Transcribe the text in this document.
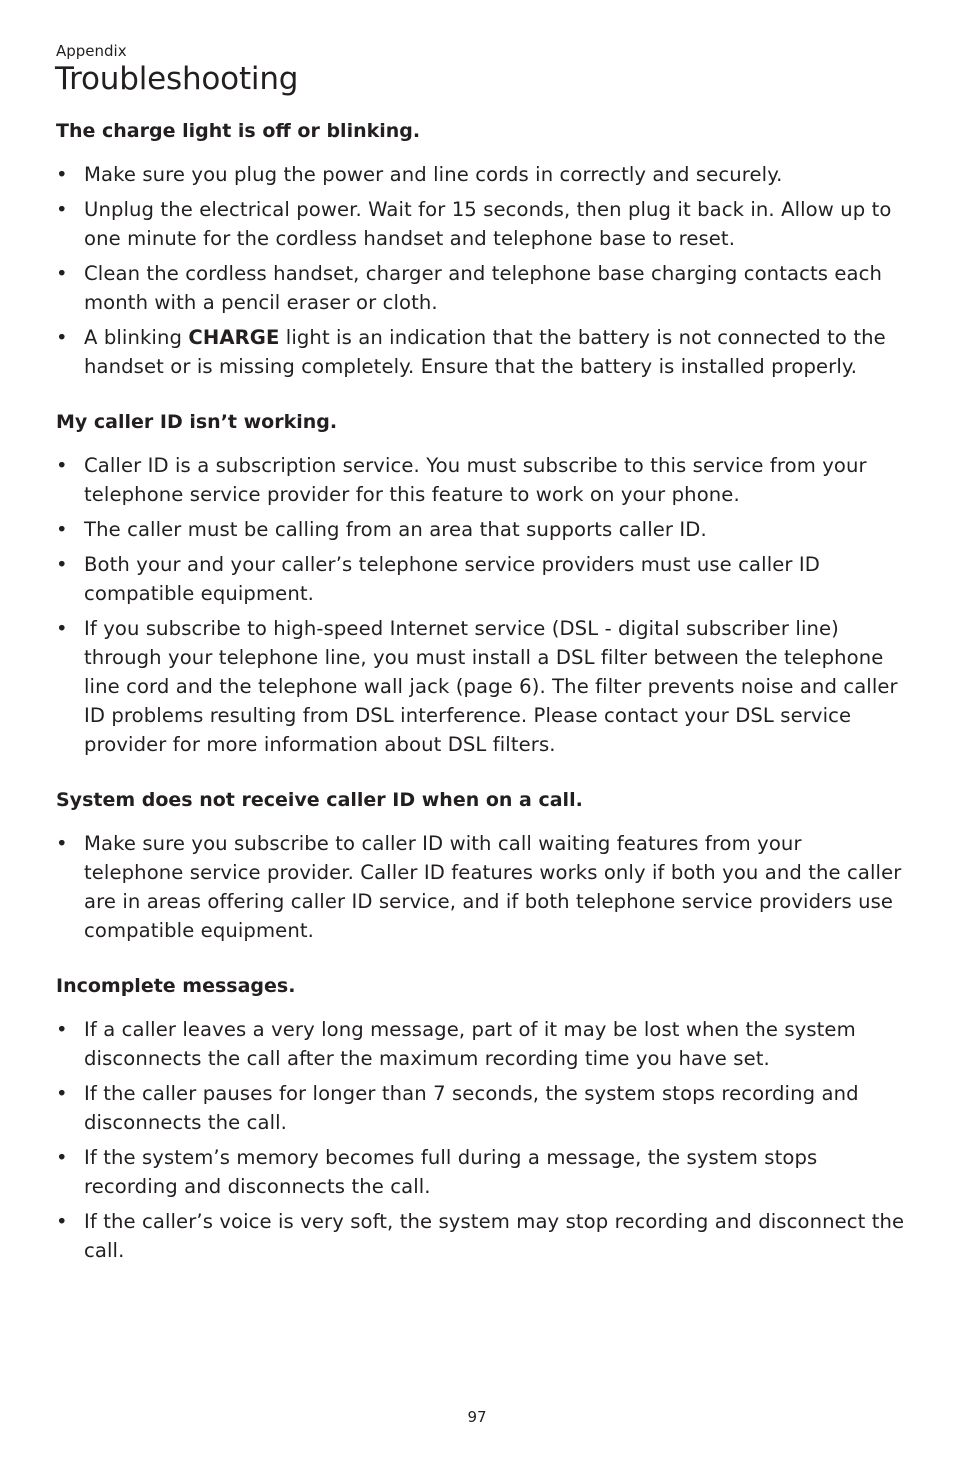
Appendix
Troubleshooting
The charge light is off or blinking.
• Make sure you plug the power and line cords in correctly and securely.
• Unplug the electrical power. Wait for 15 seconds, then plug it back in. Allow up to one minute for the cordless handset and telephone base to reset.
• Clean the cordless handset, charger and telephone base charging contacts each month with a pencil eraser or cloth.
• A blinking CHARGE light is an indication that the battery is not connected to the handset or is missing completely. Ensure that the battery is installed properly.
My caller ID isn’t working.
• Caller ID is a subscription service. You must subscribe to this service from your telephone service provider for this feature to work on your phone.
• The caller must be calling from an area that supports caller ID.
• Both your and your caller’s telephone service providers must use caller ID compatible equipment.
• If you subscribe to high-speed Internet service (DSL - digital subscriber line) through your telephone line, you must install a DSL filter between the telephone line cord and the telephone wall jack (page 6). The filter prevents noise and caller ID problems resulting from DSL interference. Please contact your DSL service provider for more information about DSL filters.
System does not receive caller ID when on a call.
• Make sure you subscribe to caller ID with call waiting features from your telephone service provider. Caller ID features works only if both you and the caller are in areas offering caller ID service, and if both telephone service providers use compatible equipment.
Incomplete messages.
• If a caller leaves a very long message, part of it may be lost when the system disconnects the call after the maximum recording time you have set.
• If the caller pauses for longer than 7 seconds, the system stops recording and disconnects the call.
• If the system’s memory becomes full during a message, the system stops recording and disconnects the call.
• If the caller’s voice is very soft, the system may stop recording and disconnect the call.
97
